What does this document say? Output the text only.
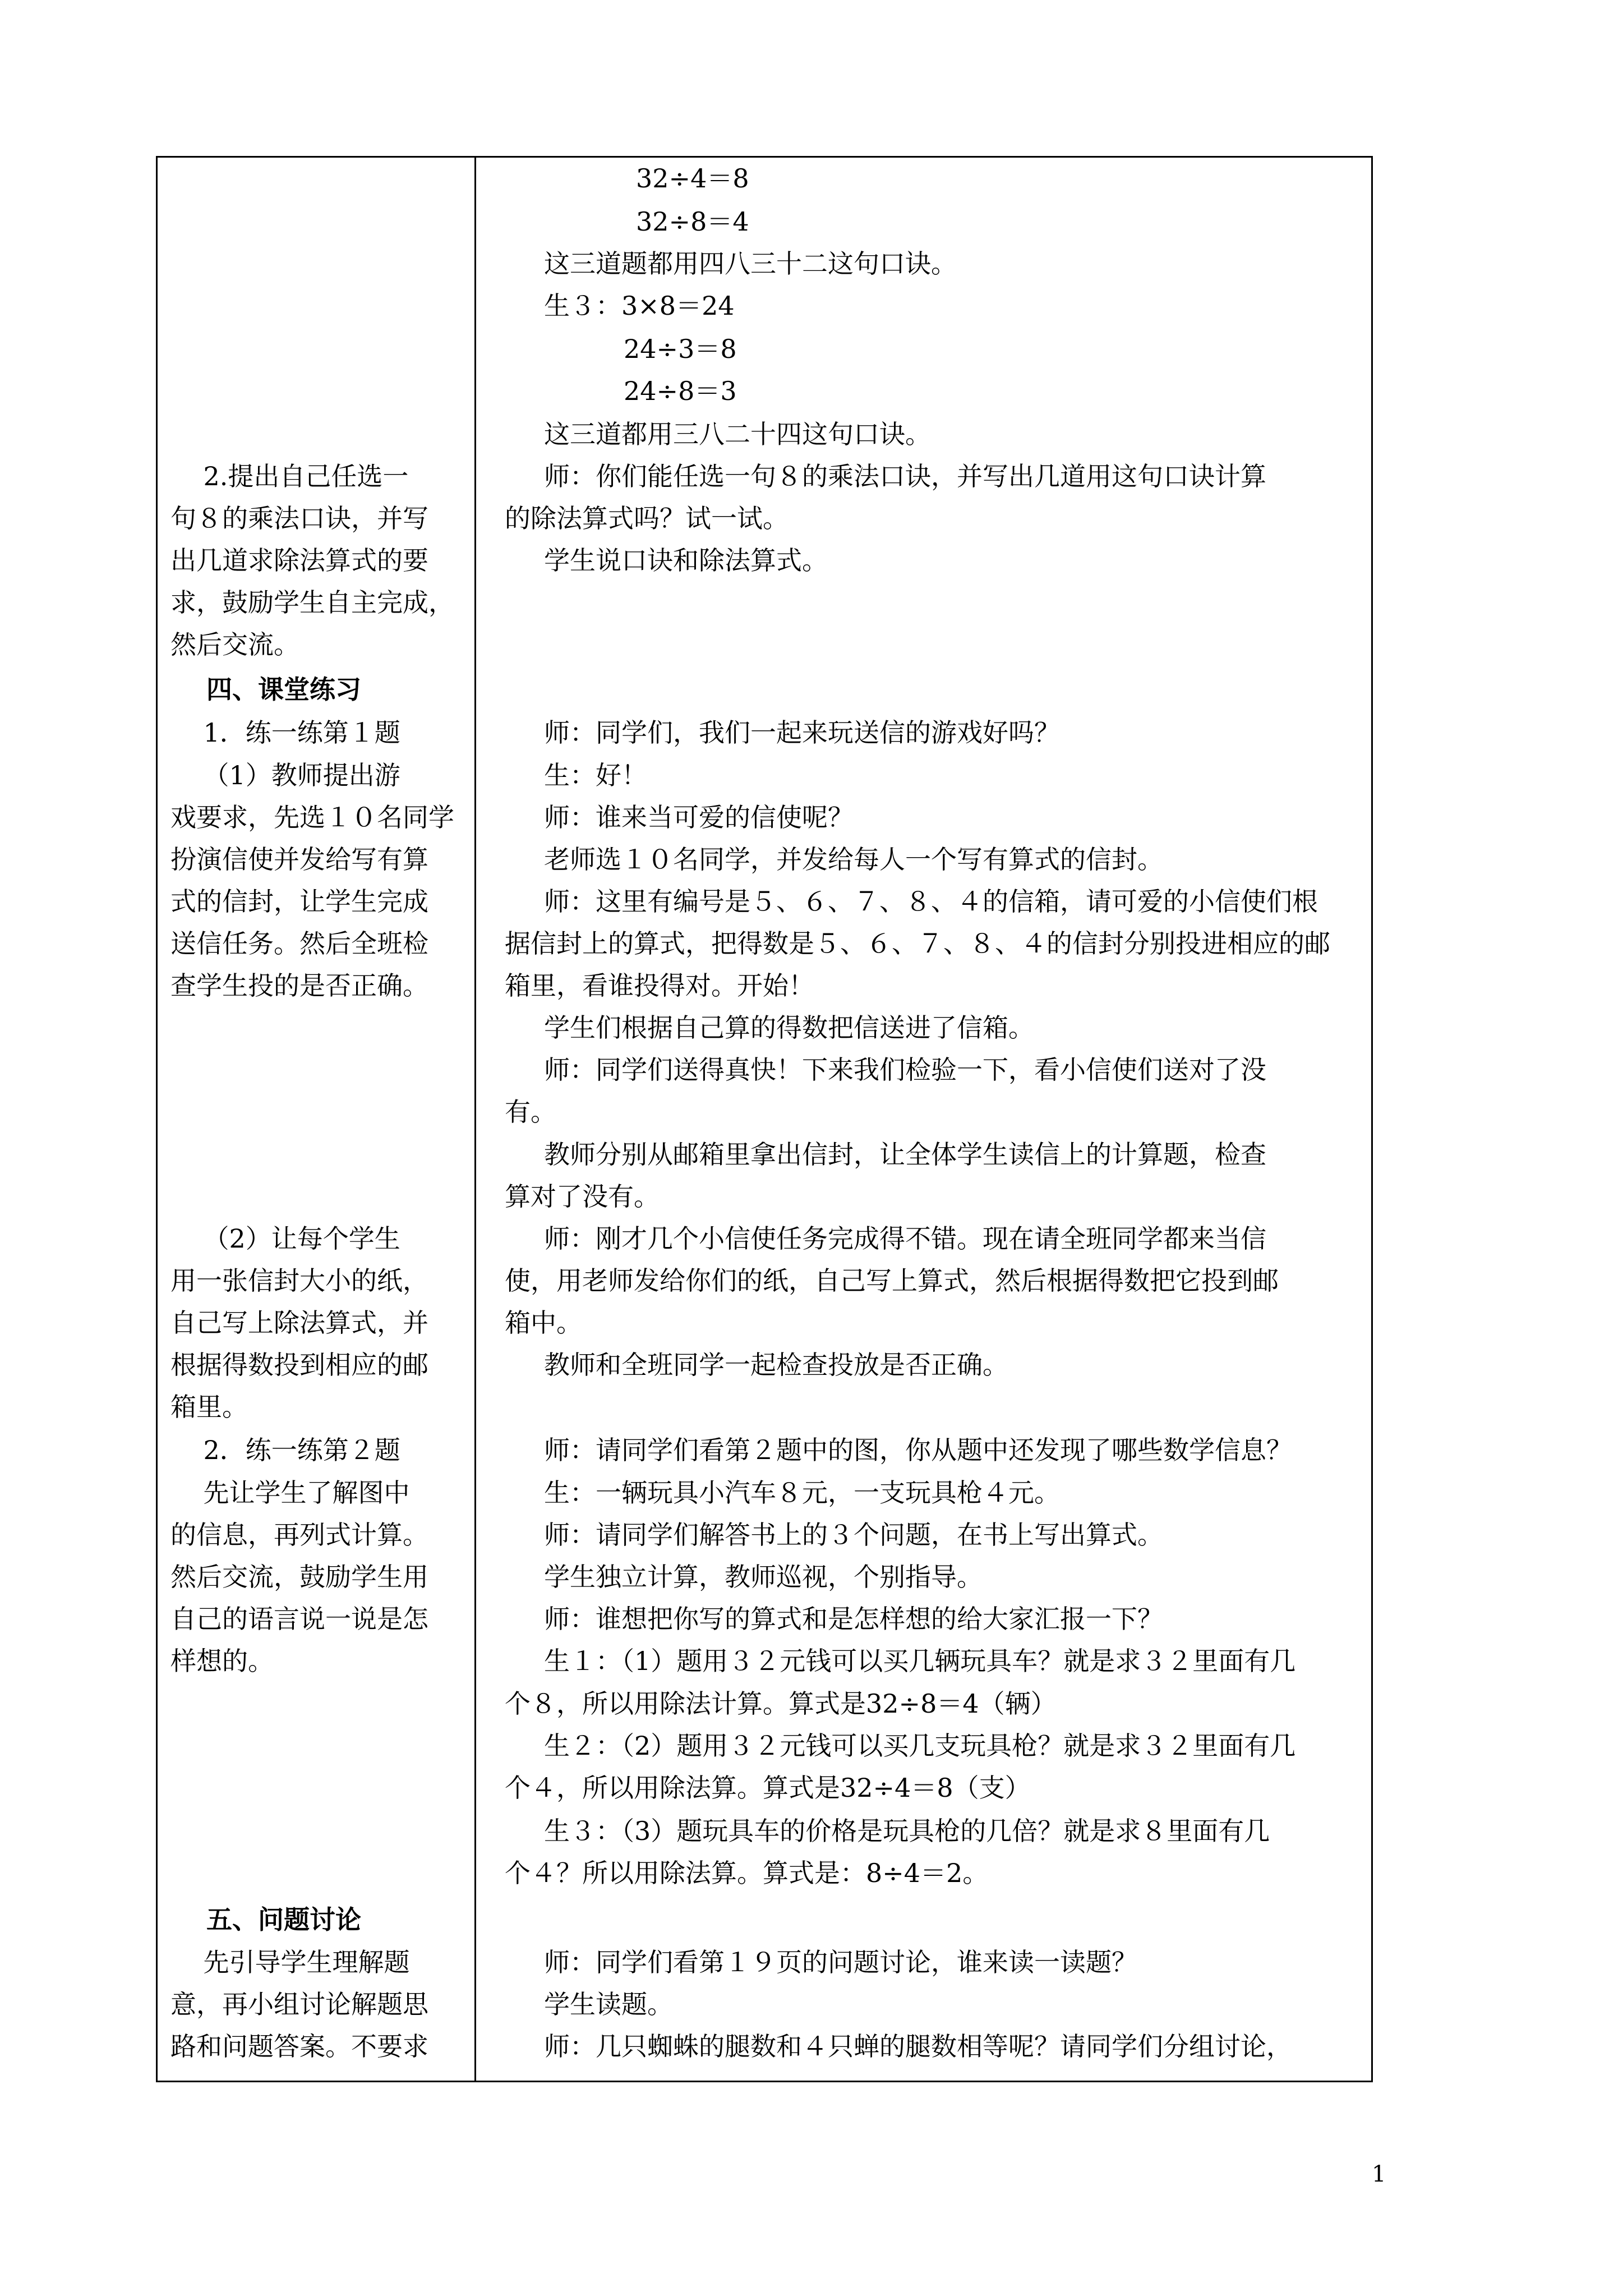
2.提出自己任选一
句８的乘法口诀，并写
出几道求除法算式的要
求，鼓励学生自主完成，
然后交流。
四、课堂练习
1．练一练第１题
（1）教师提出游
戏要求，先选１０名同学
扮演信使并发给写有算
式的信封，让学生完成
送信任务。然后全班检
查学生投的是否正确。
（2）让每个学生
用一张信封大小的纸，
自己写上除法算式，并
根据得数投到相应的邮
箱里。
2．练一练第２题
先让学生了解图中
的信息，再列式计算。
然后交流，鼓励学生用
自己的语言说一说是怎
样想的。
五、问题讨论
先引导学生理解题
意，再小组讨论解题思
路和问题答案。不要求
32÷4＝8
32÷8＝4
这三道题都用四八三十二这句口诀。
生３：3×8＝24
24÷3＝8
24÷8＝3
这三道都用三八二十四这句口诀。
师：你们能任选一句８的乘法口诀，并写出几道用这句口诀计算
的除法算式吗？试一试。
学生说口诀和除法算式。
师：同学们，我们一起来玩送信的游戏好吗？
生：好！
师：谁来当可爱的信使呢？
老师选１０名同学，并发给每人一个写有算式的信封。
师：这里有编号是５、６、７、８、４的信箱，请可爱的小信使们根
据信封上的算式，把得数是５、６、７、８、４的信封分别投进相应的邮
箱里，看谁投得对。开始！
学生们根据自己算的得数把信送进了信箱。
师：同学们送得真快！下来我们检验一下，看小信使们送对了没
有。
教师分别从邮箱里拿出信封，让全体学生读信上的计算题，检查
算对了没有。
师：刚才几个小信使任务完成得不错。现在请全班同学都来当信
使，用老师发给你们的纸，自己写上算式，然后根据得数把它投到邮
箱中。
教师和全班同学一起检查投放是否正确。
师：请同学们看第２题中的图，你从题中还发现了哪些数学信息？
生：一辆玩具小汽车８元，一支玩具枪４元。
师：请同学们解答书上的３个问题，在书上写出算式。
学生独立计算，教师巡视，个别指导。
师：谁想把你写的算式和是怎样想的给大家汇报一下？
生１：（1）题用３２元钱可以买几辆玩具车？就是求３２里面有几
个８，所以用除法计算。算式是32÷8＝4（辆）
生２：（2）题用３２元钱可以买几支玩具枪？就是求３２里面有几
个４，所以用除法算。算式是32÷4＝8（支）
生３：（3）题玩具车的价格是玩具枪的几倍？就是求８里面有几
个４？所以用除法算。算式是：8÷4＝2。
师：同学们看第１９页的问题讨论，谁来读一读题？
学生读题。
师：几只蜘蛛的腿数和４只蝉的腿数相等呢？请同学们分组讨论，
1
